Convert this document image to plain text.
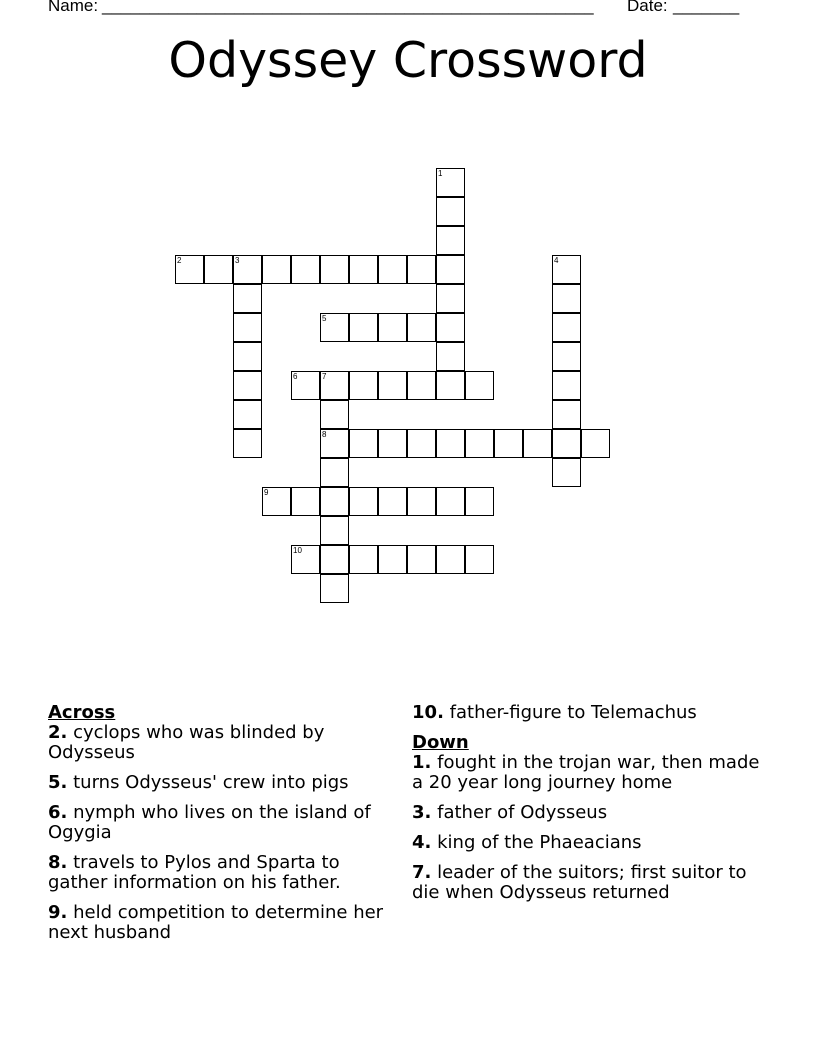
Name: ____________________________________________________ Date: _______
Odyssey Crossword
1
2	3	4
5
6	7
8
9
10
Across
2. cyclops who was blinded by Odysseus
5. turns Odysseus' crew into pigs
6. nymph who lives on the island of Ogygia
8. travels to Pylos and Sparta to gather information on his father.
9. held competition to determine her next husband
10. father-figure to Telemachus
Down
1. fought in the trojan war, then made a 20 year long journey home
3. father of Odysseus
4. king of the Phaeacians
7. leader of the suitors; first suitor to die when Odysseus returned
